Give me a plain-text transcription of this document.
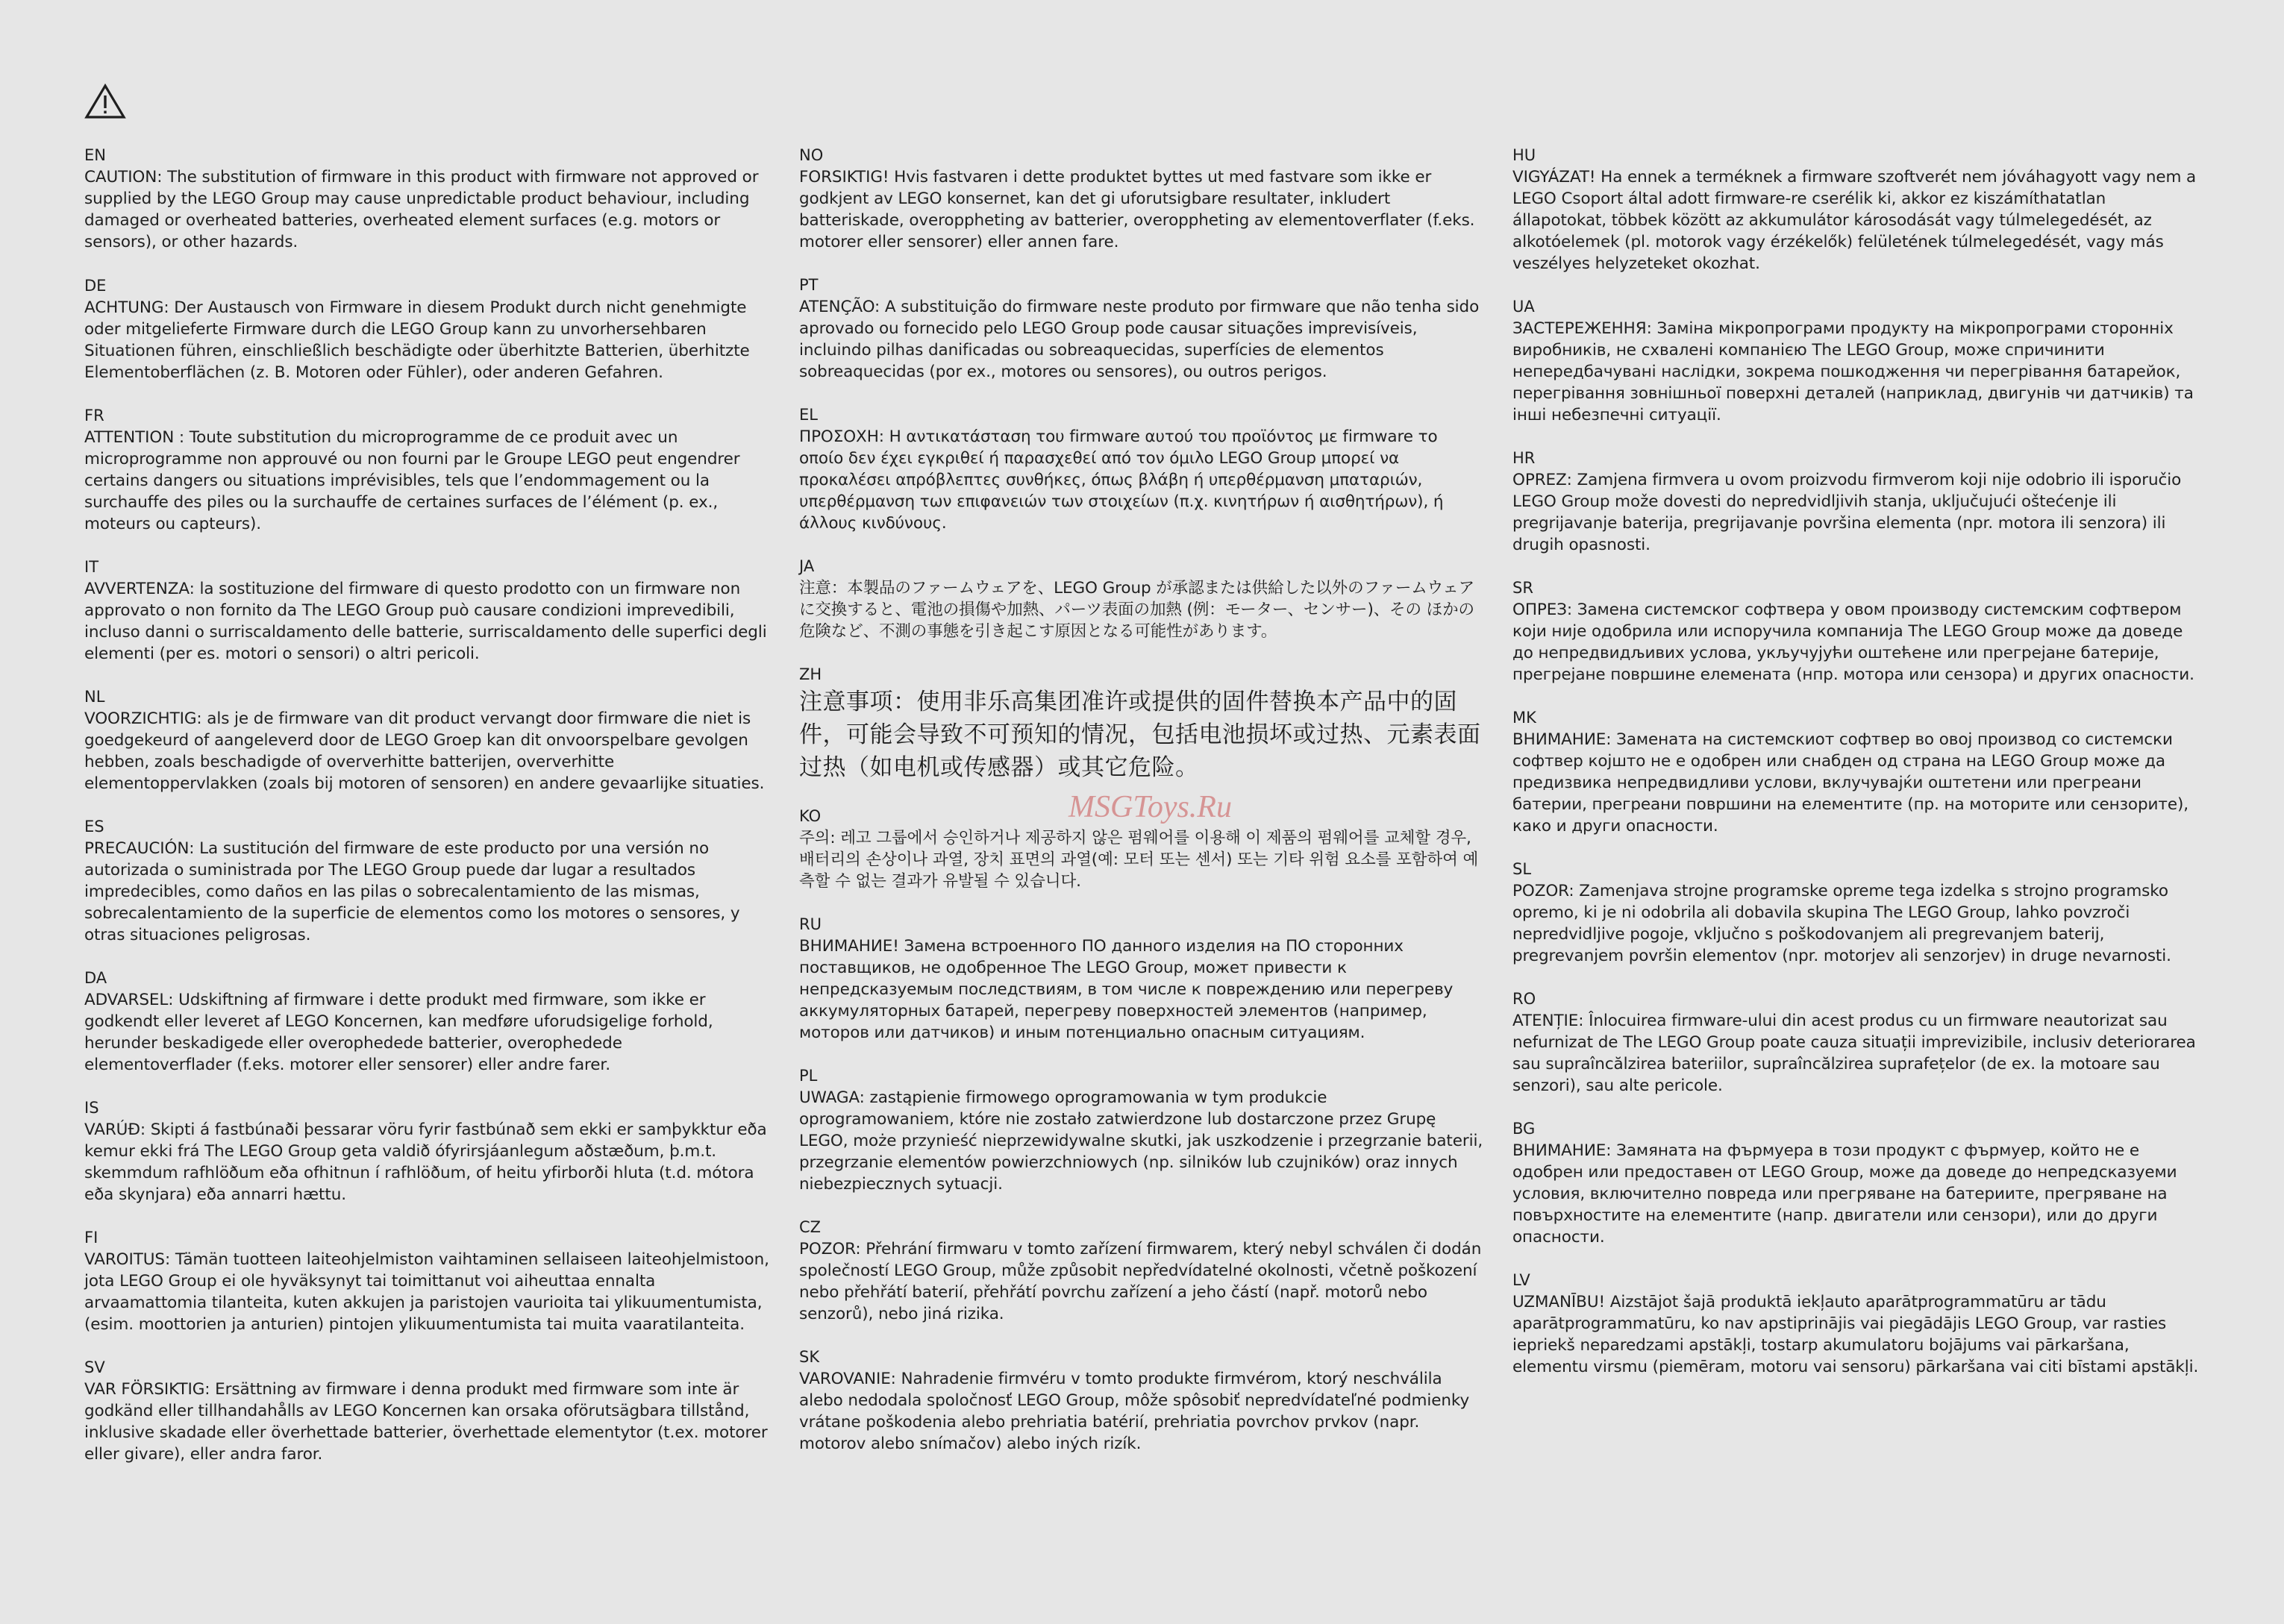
EN
CAUTION: The substitution of firmware in this product with firmware not approved or supplied by the LEGO Group may cause unpredictable product behaviour, including damaged or overheated batteries, overheated element surfaces (e.g. motors or sensors), or other hazards.
DE
ACHTUNG: Der Austausch von Firmware in diesem Produkt durch nicht genehmigte oder mitgelieferte Firmware durch die LEGO Group kann zu unvorhersehbaren Situationen führen, einschließlich beschädigte oder überhitzte Batterien, überhitzte Elementoberflächen (z. B. Motoren oder Fühler), oder anderen Gefahren.
FR
ATTENTION : Toute substitution du microprogramme de ce produit avec un microprogramme non approuvé ou non fourni par le Groupe LEGO peut engendrer certains dangers ou situations imprévisibles, tels que l’endommagement ou la surchauffe des piles ou la surchauffe de certaines surfaces de l’élément (p. ex., moteurs ou capteurs).
IT
AVVERTENZA: la sostituzione del firmware di questo prodotto con un firmware non approvato o non fornito da The LEGO Group può causare condizioni imprevedibili, incluso danni o surriscaldamento delle batterie, surriscaldamento delle superfici degli elementi (per es. motori o sensori) o altri pericoli.
NL
VOORZICHTIG: als je de firmware van dit product vervangt door firmware die niet is goedgekeurd of aangeleverd door de LEGO Groep kan dit onvoorspelbare gevolgen hebben, zoals beschadigde of oververhitte batterijen, oververhitte elementoppervlakken (zoals bij motoren of sensoren) en andere gevaarlijke situaties.
ES
PRECAUCIÓN: La sustitución del firmware de este producto por una versión no autorizada o suministrada por The LEGO Group puede dar lugar a resultados impredecibles, como daños en las pilas o sobrecalentamiento de las mismas, sobrecalentamiento de la superficie de elementos como los motores o sensores, y otras situaciones peligrosas.
DA
ADVARSEL: Udskiftning af firmware i dette produkt med firmware, som ikke er godkendt eller leveret af LEGO Koncernen, kan medføre uforudsigelige forhold, herunder beskadigede eller overophedede batterier, overophedede elementoverflader (f.eks. motorer eller sensorer) eller andre farer.
IS
VARÚÐ: Skipti á fastbúnaði þessarar vöru fyrir fastbúnað sem ekki er samþykktur eða kemur ekki frá The LEGO Group geta valdið ófyrirsjáanlegum aðstæðum, þ.m.t. skemmdum rafhlöðum eða ofhitnun í rafhlöðum, of heitu yfirborði hluta (t.d. mótora eða skynjara) eða annarri hættu.
FI
VAROITUS: Tämän tuotteen laiteohjelmiston vaihtaminen sellaiseen laiteohjelmistoon, jota LEGO Group ei ole hyväksynyt tai toimittanut voi aiheuttaa ennalta arvaamattomia tilanteita, kuten akkujen ja paristojen vaurioita tai ylikuumentumista, (esim. moottorien ja anturien) pintojen ylikuumentumista tai muita vaaratilanteita.
SV
VAR FÖRSIKTIG: Ersättning av firmware i denna produkt med firmware som inte är godkänd eller tillhandahålls av LEGO Koncernen kan orsaka oförutsägbara tillstånd, inklusive skadade eller överhettade batterier, överhettade elementytor (t.ex. motorer eller givare), eller andra faror.
NO
FORSIKTIG! Hvis fastvaren i dette produktet byttes ut med fastvare som ikke er godkjent av LEGO konsernet, kan det gi uforutsigbare resultater, inkludert batteriskade, overoppheting av batterier, overoppheting av elementoverflater (f.eks. motorer eller sensorer) eller annen fare.
PT
ATENÇÃO: A substituição do firmware neste produto por firmware que não tenha sido aprovado ou fornecido pelo LEGO Group pode causar situações imprevisíveis, incluindo pilhas danificadas ou sobreaquecidas, superfícies de elementos sobreaquecidas (por ex., motores ou sensores), ou outros perigos.
EL
ΠΡΟΣΟΧΗ: Η αντικατάσταση του firmware αυτού του προϊόντος με firmware το οποίο δεν έχει εγκριθεί ή παρασχεθεί από τον όμιλο LEGO Group μπορεί να προκαλέσει απρόβλεπτες συνθήκες, όπως βλάβη ή υπερθέρμανση μπαταριών, υπερθέρμανση των επιφανειών των στοιχείων (π.χ. κινητήρων ή αισθητήρων), ή άλλους κινδύνους.
JA
注意：本製品のファームウェアを、LEGO Group が承認または供給した以外のファームウェアに交換すると、電池の損傷や加熱、パーツ表面の加熱 (例：モーター、センサー)、その ほかの危険など、不測の事態を引き起こす原因となる可能性があります。
ZH
注意事项：使用非乐高集团准许或提供的固件替换本产品中的固件，可能会导致不可预知的情况，包括电池损坏或过热、元素表面过热（如电机或传感器）或其它危险。
KO
주의: 레고 그룹에서 승인하거나 제공하지 않은 펌웨어를 이용해 이 제품의 펌웨어를 교체할 경우, 배터리의 손상이나 과열, 장치 표면의 과열(예: 모터 또는 센서) 또는 기타 위험 요소를 포함하여 예측할 수 없는 결과가 유발될 수 있습니다.
RU
ВНИМАНИЕ! Замена встроенного ПО данного изделия на ПО сторонних поставщиков, не одобренное The LEGO Group, может привести к непредсказуемым последствиям, в том числе к повреждению или перегреву аккумуляторных батарей, перегреву поверхностей элементов (например, моторов или датчиков) и иным потенциально опасным ситуациям.
PL
UWAGA: zastąpienie firmowego oprogramowania w tym produkcie oprogramowaniem, które nie zostało zatwierdzone lub dostarczone przez Grupę LEGO, może przynieść nieprzewidywalne skutki, jak uszkodzenie i przegrzanie baterii, przegrzanie elementów powierzchniowych (np. silników lub czujników) oraz innych niebezpiecznych sytuacji.
CZ
POZOR: Přehrání firmwaru v tomto zařízení firmwarem, který nebyl schválen či dodán společností LEGO Group, může způsobit nepředvídatelné okolnosti, včetně poškození nebo přehřátí baterií, přehřátí povrchu zařízení a jeho částí (např. motorů nebo senzorů), nebo jiná rizika.
SK
VAROVANIE: Nahradenie firmvéru v tomto produkte firmvérom, ktorý neschválila alebo nedodala spoločnosť LEGO Group, môže spôsobiť nepredvídateľné podmienky vrátane poškodenia alebo prehriatia batérií, prehriatia povrchov prvkov (napr. motorov alebo snímačov) alebo iných rizík.
HU
VIGYÁZAT! Ha ennek a terméknek a firmware szoftverét nem jóváhagyott vagy nem a LEGO Csoport által adott firmware-re cserélik ki, akkor ez kiszámíthatatlan állapotokat, többek között az akkumulátor károsodását vagy túlmelegedését, az alkotóelemek (pl. motorok vagy érzékelők) felületének túlmelegedését, vagy más veszélyes helyzeteket okozhat.
UA
ЗАСТЕРЕЖЕННЯ: Заміна мікропрограми продукту на мікропрограми сторонніх виробників, не схвалені компанією The LEGO Group, може спричинити непередбачувані наслідки, зокрема пошкодження чи перегрівання батарейок, перегрівання зовнішньої поверхні деталей (наприклад, двигунів чи датчиків) та інші небезпечні ситуації.
HR
OPREZ: Zamjena firmvera u ovom proizvodu firmverom koji nije odobrio ili isporučio LEGO Group može dovesti do nepredvidljivih stanja, uključujući oštećenje ili pregrijavanje baterija, pregrijavanje površina elementa (npr. motora ili senzora) ili drugih opasnosti.
SR
ОПРЕЗ: Замена системског софтвера у овом производу системским софтвером који није одобрила или испоручила компанија The LEGO Group може да доведе до непредвидљивих услова, укључујући оштећене или прегрејане батерије, прегрејане површине елемената (нпр. мотора или сензора) и других опасности.
MK
ВНИМАНИЕ: Замената на системскиот софтвер во овој производ со системски софтвер којшто не е одобрен или снабден од страна на LEGO Group може да предизвика непредвидливи услови, вклучувајќи оштетени или прегреани батерии, прегреани површини на елементите (пр. на моторите или сензорите), како и други опасности.
SL
POZOR: Zamenjava strojne programske opreme tega izdelka s strojno programsko opremo, ki je ni odobrila ali dobavila skupina The LEGO Group, lahko povzroči nepredvidljive pogoje, vključno s poškodovanjem ali pregrevanjem baterij, pregrevanjem površin elementov (npr. motorjev ali senzorjev) in druge nevarnosti.
RO
ATENȚIE: Înlocuirea firmware-ului din acest produs cu un firmware neautorizat sau nefurnizat de The LEGO Group poate cauza situații imprevizibile, inclusiv deteriorarea sau supraîncălzirea bateriilor, supraîncălzirea suprafețelor (de ex. la motoare sau senzori), sau alte pericole.
BG
ВНИМАНИЕ: Замяната на фърмуера в този продукт с фърмуер, който не е одобрен или предоставен от LEGO Group, може да доведе до непредсказуеми условия, включително повреда или прегряване на батериите, прегряване на повърхностите на елементите (напр. двигатели или сензори), или до други опасности.
LV
UZMANĪBU! Aizstājot šajā produktā iekļauto aparātprogrammatūru ar tādu aparātprogrammatūru, ko nav apstiprinājis vai piegādājis LEGO Group, var rasties iepriekš neparedzami apstākļi, tostarp akumulatoru bojājums vai pārkaršana, elementu virsmu (piemēram, motoru vai sensoru) pārkaršana vai citi bīstami apstākļi.
MSGToys.Ru
